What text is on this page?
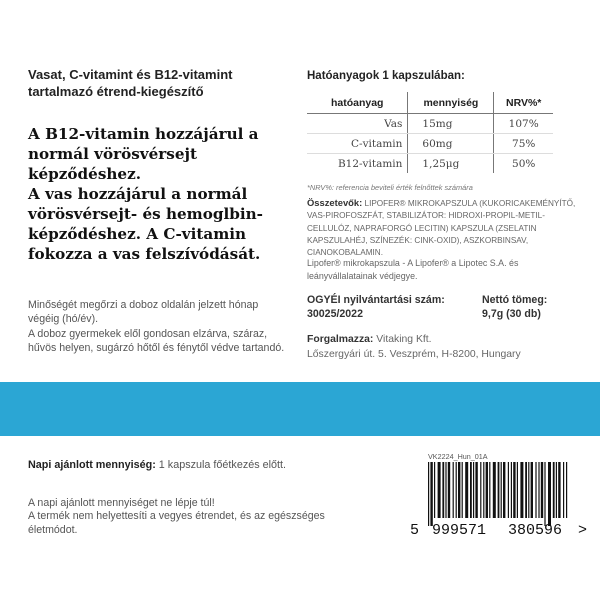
Vasat, C-vitamint és B12-vitamint tartalmazó étrend-kiegészítő

A B12-vitamin hozzájárul a normál vörösvérsejt képződéshez.

A vas hozzájárul a normál vörösvérsejt- és hemoglbin-képződéshez. A C-vitamin fokozza a vas felszívódását.

Minőségét megőrzi a doboz oldalán jelzett hónap végéig (hó/év).

A doboz gyermekek elől gondosan elzárva, száraz, hűvös helyen, sugárzó hőtől és fénytől védve tartandó.

Hatóanyagok 1 kapszulában:
hatóanyag	mennyiség	NRV%*
Vas	15mg	107%
C-vitamin	60mg	75%
B12-vitamin	1,25μg	50%
*NRV%: referencia beviteli érték felnőttek számára
Összetevők: LIPOFER® MIKROKAPSZULA (KUKORICAKEMÉNYÍTŐ, VAS-PIROFOSZFÁT, STABILIZÁTOR: HIDROXI-PROPIL-METIL-CELLULÓZ, NAPRAFORGÓ LECITIN) KAPSZULA (ZSELATIN KAPSZULAHÉJ, SZÍNEZÉK: CINK-OXID), ASZKORBINSAV, CIANOKOBALAMIN.
Lipofer® mikrokapszula - A Lipofer® a Lipotec S.A. és leányvállalatainak védjegye.
OGYÉI nyilvántartási szám:
30025/2022
Nettó tömeg:
9,7g (30 db)
Forgalmazza: Vitaking Kft.
Lőszergyári út. 5. Veszprém, H-8200, Hungary
Napi ajánlott mennyiség: 1 kapszula főétkezés előtt.

A napi ajánlott mennyiséget ne lépje túl!

A termék nem helyettesíti a vegyes étrendet, és az egészséges életmódot.

VK2224_Hun_01A
5 999571 380596 >
